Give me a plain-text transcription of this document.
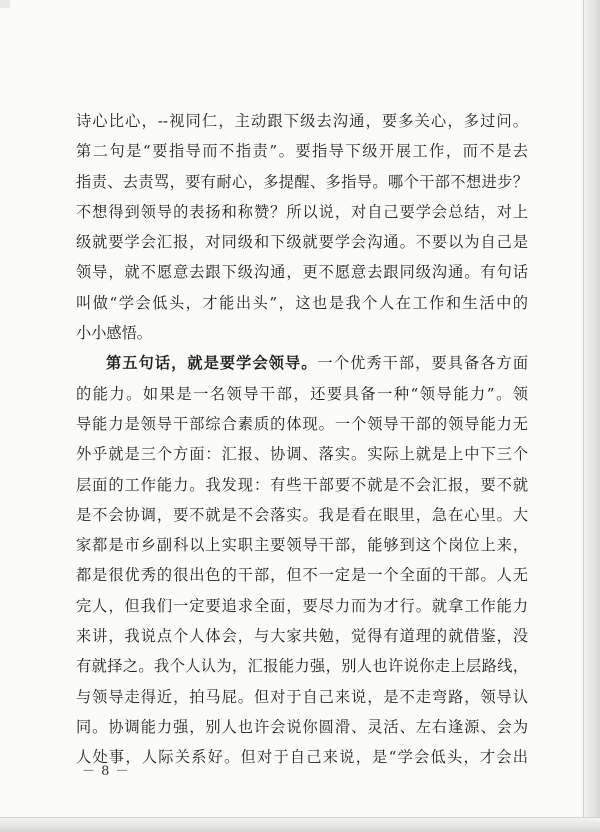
诗心比心，--视同仁，主动跟下级去沟通，要多关心，多过问。
第二句是“要指导而不指责”。要指导下级开展工作，而不是去
指责、去责骂，要有耐心，多提醒、多指导。哪个干部不想进步？
不想得到领导的表扬和称赞？所以说，对自己要学会总结，对上
级就要学会汇报，对同级和下级就要学会沟通。不要以为自己是
领导，就不愿意去跟下级沟通，更不愿意去跟同级沟通。有句话
叫做“学会低头，才能出头”，这也是我个人在工作和生活中的
小小感悟。
第五句话，就是要学会领导。一个优秀干部，要具备各方面
的能力。如果是一名领导干部，还要具备一种“领导能力”。领
导能力是领导干部综合素质的体现。一个领导干部的领导能力无
外乎就是三个方面：汇报、协调、落实。实际上就是上中下三个
层面的工作能力。我发现：有些干部要不就是不会汇报，要不就
是不会协调，要不就是不会落实。我是看在眼里，急在心里。大
家都是市乡副科以上实职主要领导干部，能够到这个岗位上来，
都是很优秀的很出色的干部，但不一定是一个全面的干部。人无
完人，但我们一定要追求全面，要尽力而为才行。就拿工作能力
来讲，我说点个人体会，与大家共勉，觉得有道理的就借鉴，没
有就择之。我个人认为，汇报能力强，别人也许说你走上层路线，
与领导走得近，拍马屁。但对于自己来说，是不走弯路，领导认
同。协调能力强，别人也许会说你圆滑、灵活、左右逢源、会为
人处事，人际关系好。但对于自己来说，是“学会低头，才会出
－ 8 －
